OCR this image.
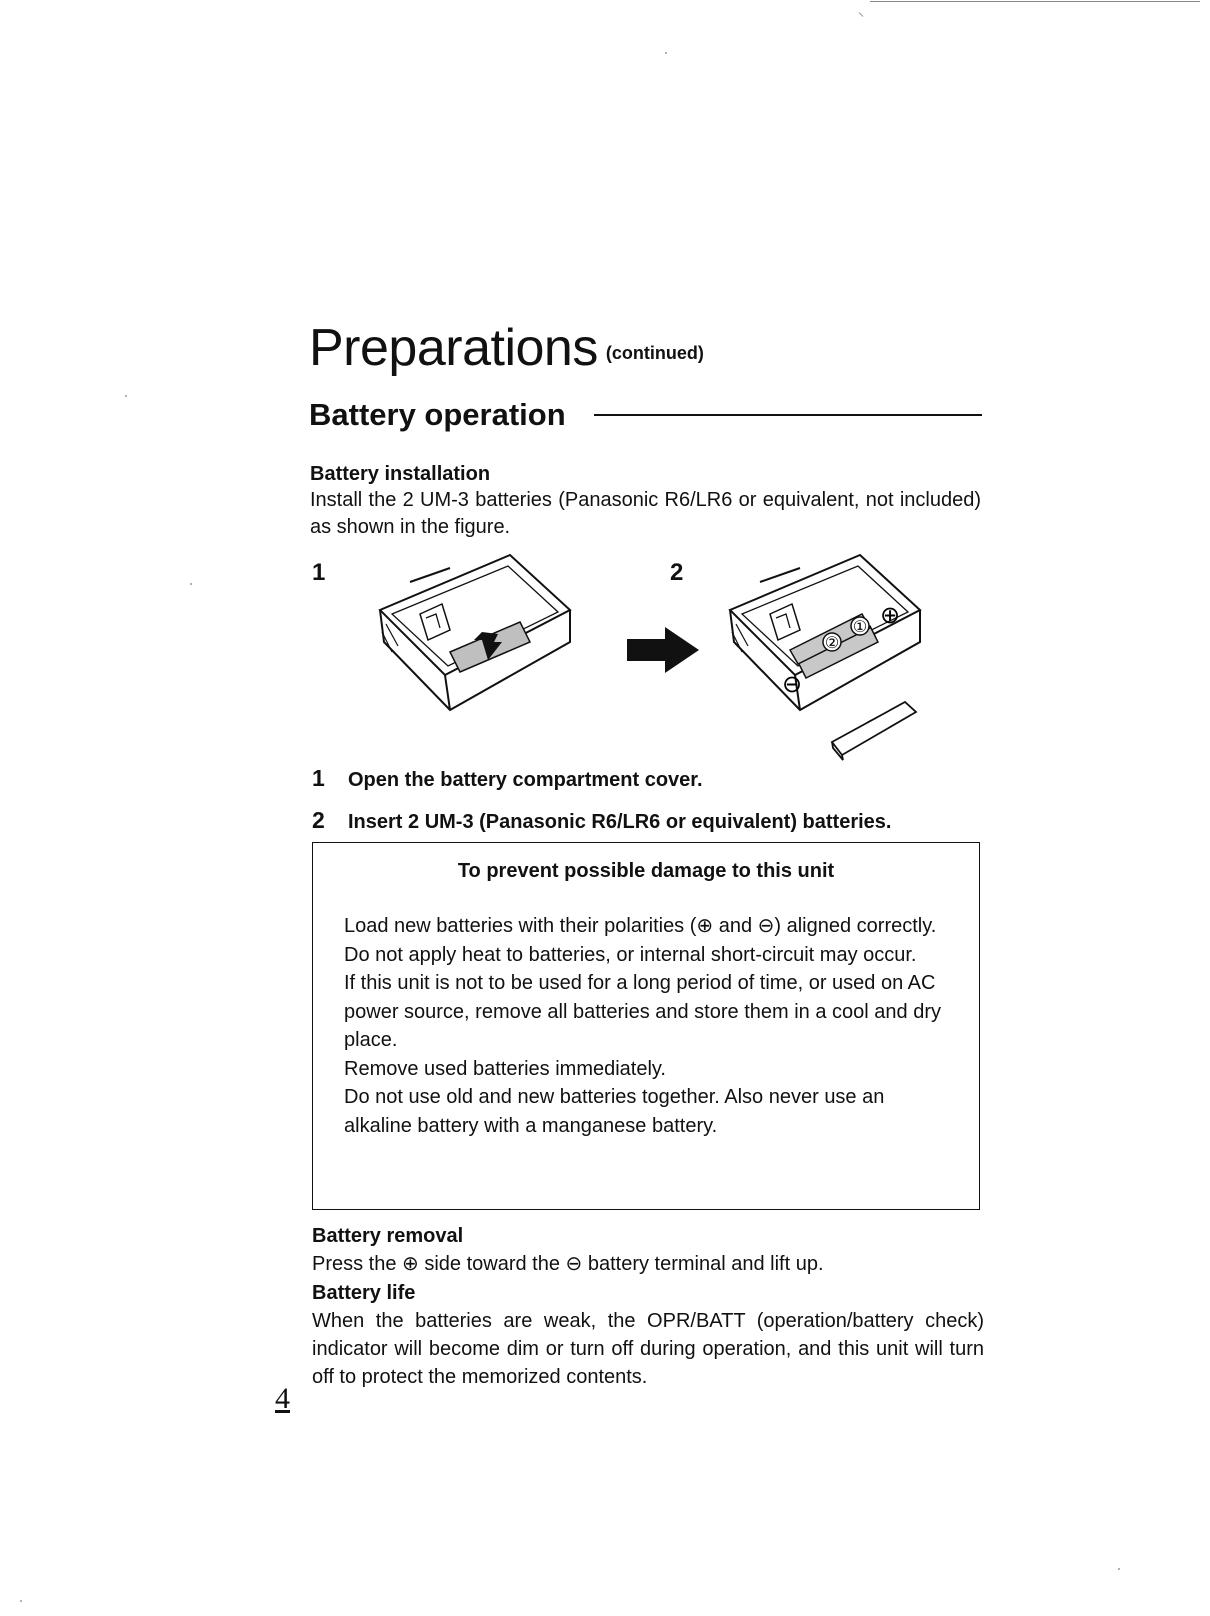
Preparations (continued)
Battery operation
Battery installation
Install the 2 UM-3 batteries (Panasonic R6/LR6 or equivalent, not included) as shown in the figure.
1	2
②
① ⊕
⊖
1 Open the battery compartment cover.
2 Insert 2 UM-3 (Panasonic R6/LR6 or equivalent) batteries.
To prevent possible damage to this unit
Load new batteries with their polarities (⊕ and ⊖) aligned correctly.
Do not apply heat to batteries, or internal short-circuit may occur.
If this unit is not to be used for a long period of time, or used on AC power source, remove all batteries and store them in a cool and dry place.
Remove used batteries immediately.
Do not use old and new batteries together. Also never use an alkaline battery with a manganese battery.
Battery removal
Press the ⊕ side toward the ⊖ battery terminal and lift up.
Battery life
When the batteries are weak, the OPR/BATT (operation/battery check) indicator will become dim or turn off during operation, and this unit will turn off to protect the memorized contents.
4
